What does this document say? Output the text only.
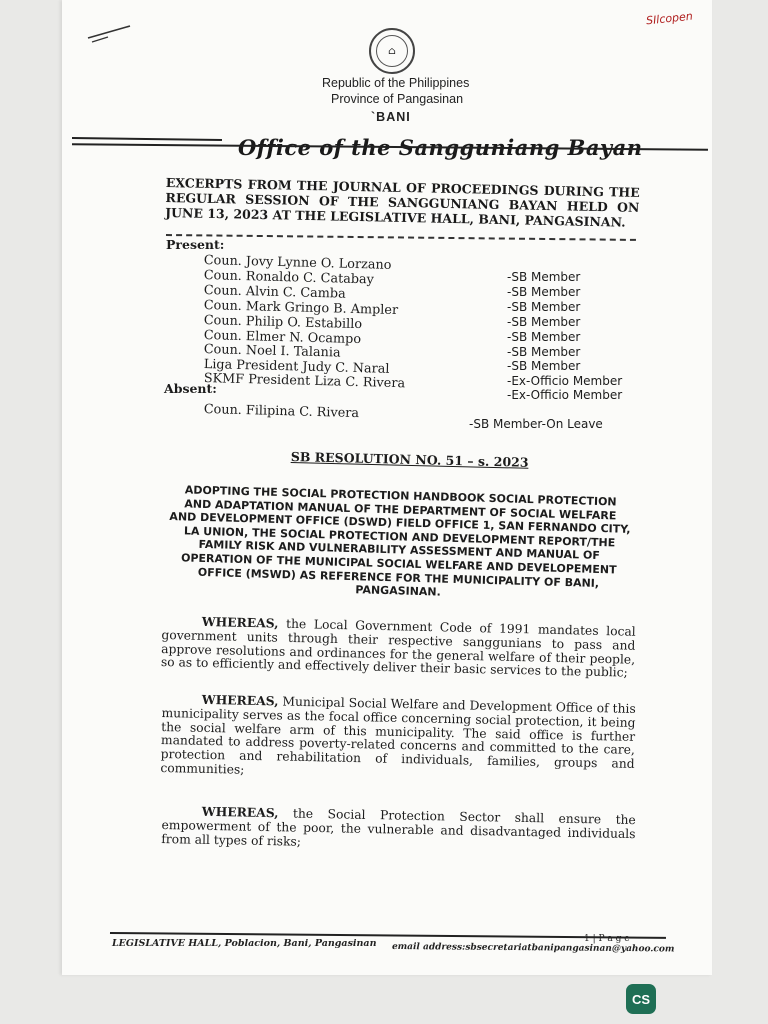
SIlcopen
⌂
Republic of the Philippines
Province of Pangasinan
`BANI
Office of the Sangguniang Bayan
EXCERPTS FROM THE JOURNAL OF PROCEEDINGS DURING THE REGULAR SESSION OF THE SANGGUNIANG BAYAN HELD ON JUNE 13, 2023 AT THE LEGISLATIVE HALL, BANI, PANGASINAN.
Present:
Coun. Jovy Lynne O. Lorzano
Coun. Ronaldo C. Catabay
Coun. Alvin C. Camba
Coun. Mark Gringo B. Ampler
Coun. Philip O. Estabillo
Coun. Elmer N. Ocampo
Coun. Noel I. Talania
Liga President Judy C. Naral
SKMF President Liza C. Rivera
-SB Member
-SB Member
-SB Member
-SB Member
-SB Member
-SB Member
-SB Member
-Ex-Officio Member
-Ex-Officio Member
Absent:
Coun. Filipina C. Rivera
-SB Member-On Leave
SB RESOLUTION NO. 51 – s. 2023
ADOPTING THE SOCIAL PROTECTION HANDBOOK SOCIAL PROTECTION AND ADAPTATION MANUAL OF THE DEPARTMENT OF SOCIAL WELFARE AND DEVELOPMENT OFFICE (DSWD) FIELD OFFICE 1, SAN FERNANDO CITY, LA UNION, THE SOCIAL PROTECTION AND DEVELOPMENT REPORT/THE FAMILY RISK AND VULNERABILITY ASSESSMENT AND MANUAL OF OPERATION OF THE MUNICIPAL SOCIAL WELFARE AND DEVELOPEMENT OFFICE (MSWD) AS REFERENCE FOR THE MUNICIPALITY OF BANI, PANGASINAN.
WHEREAS, the Local Government Code of 1991 mandates local government units through their respective sanggunians to pass and approve resolutions and ordinances for the general welfare of their people, so as to efficiently and effectively deliver their basic services to the public;
WHEREAS, Municipal Social Welfare and Development Office of this municipality serves as the focal office concerning social protection, it being the social welfare arm of this municipality. The said office is further mandated to address poverty-related concerns and committed to the care, protection and rehabilitation of individuals, families, groups and communities;
WHEREAS, the Social Protection Sector shall ensure the empowerment of the poor, the vulnerable and disadvantaged individuals from all types of risks;
1 | P a g e
LEGISLATIVE HALL, Poblacion, Bani, Pangasinan email address:sbsecretariatbanipangasinan@yahoo.com
CS
